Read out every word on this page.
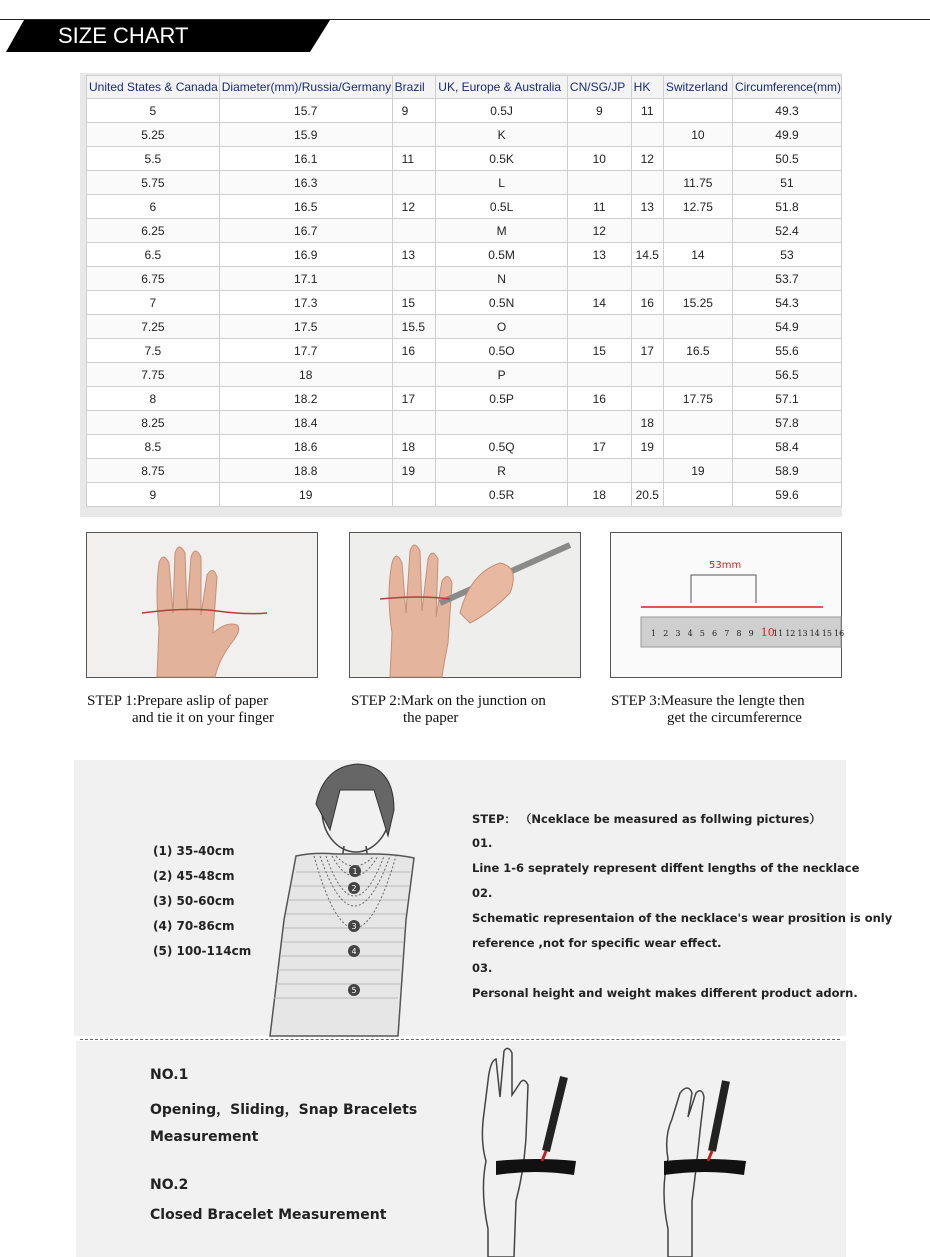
SIZE CHART
United States & Canada	Diameter(mm)/Russia/Germany	Brazil	UK, Europe & Australia	CN/SG/JP	HK	Switzerland	Circumference(mm)
5	15.7	9	0.5J	9	11		49.3
5.25	15.9		K			10	49.9
5.5	16.1	11	0.5K	10	12		50.5
5.75	16.3		L			11.75	51
6	16.5	12	0.5L	11	13	12.75	51.8
6.25	16.7		M	12			52.4
6.5	16.9	13	0.5M	13	14.5	14	53
6.75	17.1		N				53.7
7	17.3	15	0.5N	14	16	15.25	54.3
7.25	17.5	15.5	O				54.9
7.5	17.7	16	0.5O	15	17	16.5	55.6
7.75	18		P				56.5
8	18.2	17	0.5P	16		17.75	57.1
8.25	18.4				18		57.8
8.5	18.6	18	0.5Q	17	19		58.4
8.75	18.8	19	R			19	58.9
9	19		0.5R	18	20.5		59.6
53mm
1 2 3 4 5 6 7 8 9 10
11 12 13 14 15 16
STEP 1:Prepare aslip of paper
and tie it on your finger
STEP 2:Mark on the junction on
the paper
STEP 3:Measure the lengte then
get the circumferernce
1
2
3
4
5
(1) 35-40cm
(2) 45-48cm
(3) 50-60cm
(4) 70-86cm
(5) 100-114cm
STEP： （Nceklace be measured as follwing pictures）
01.
Line 1-6 seprately represent diffent lengths of the necklace
02.
Schematic representaion of the necklace's wear prosition is only
reference ,not for specific wear effect.
03.
Personal height and weight makes different product adorn.
NO.1
Opening，Sliding，Snap Bracelets
Measurement
NO.2
Closed Bracelet Measurement
